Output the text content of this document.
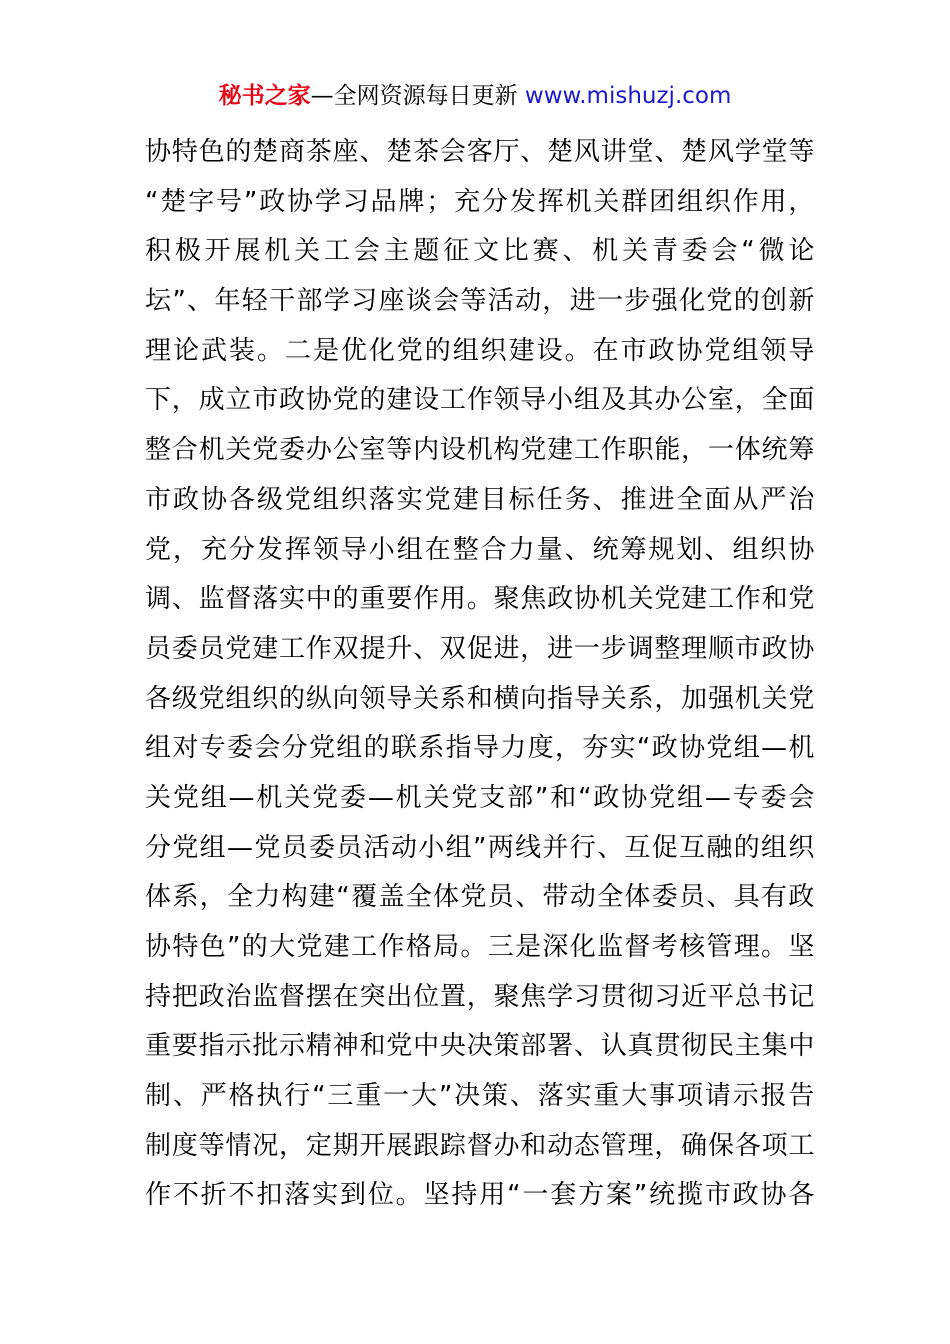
秘书之家—全网资源每日更新 www.mishuzj.com
协特色的楚商茶座、楚茶会客厅、楚风讲堂、楚风学堂等
“楚字号”政协学习品牌；充分发挥机关群团组织作用，
积极开展机关工会主题征文比赛、机关青委会“微论
坛”、年轻干部学习座谈会等活动，进一步强化党的创新
理论武装。二是优化党的组织建设。在市政协党组领导
下，成立市政协党的建设工作领导小组及其办公室，全面
整合机关党委办公室等内设机构党建工作职能，一体统筹
市政协各级党组织落实党建目标任务、推进全面从严治
党，充分发挥领导小组在整合力量、统筹规划、组织协
调、监督落实中的重要作用。聚焦政协机关党建工作和党
员委员党建工作双提升、双促进，进一步调整理顺市政协
各级党组织的纵向领导关系和横向指导关系，加强机关党
组对专委会分党组的联系指导力度，夯实“政协党组—机
关党组—机关党委—机关党支部”和“政协党组—专委会
分党组—党员委员活动小组”两线并行、互促互融的组织
体系，全力构建“覆盖全体党员、带动全体委员、具有政
协特色”的大党建工作格局。三是深化监督考核管理。坚
持把政治监督摆在突出位置，聚焦学习贯彻习近平总书记
重要指示批示精神和党中央决策部署、认真贯彻民主集中
制、严格执行“三重一大”决策、落实重大事项请示报告
制度等情况，定期开展跟踪督办和动态管理，确保各项工
作不折不扣落实到位。坚持用“一套方案”统揽市政协各
